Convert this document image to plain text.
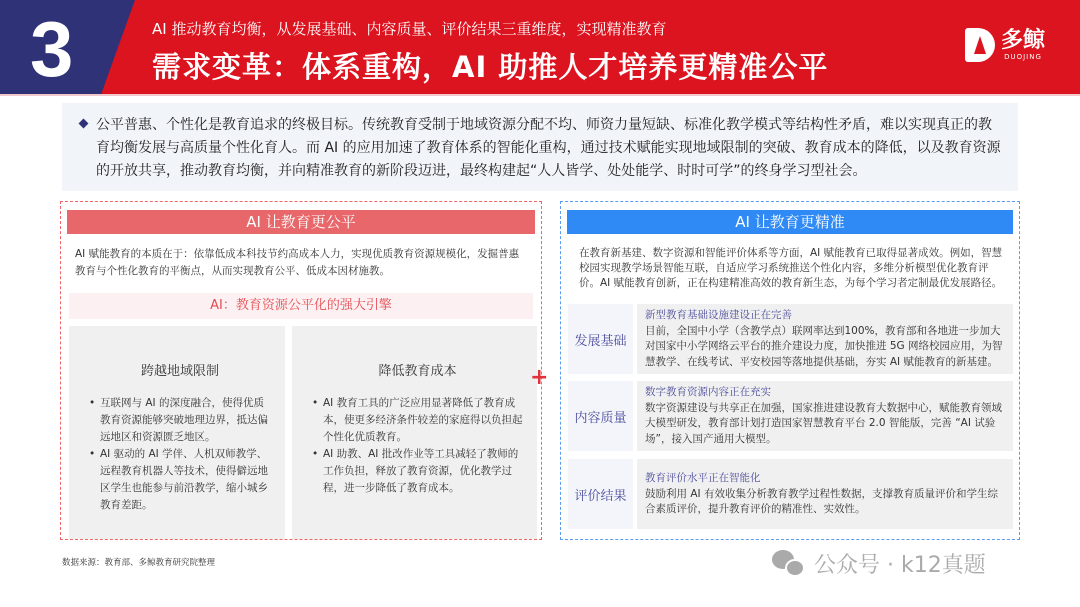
3	AI 推动教育均衡，从发展基础、内容质量、评价结果三重维度，实现精准教育
需求变革：体系重构，AI 助推人才培养更精准公平
多鲸
DUOJING
公平普惠、个性化是教育追求的终极目标。传统教育受制于地域资源分配不均、师资力量短缺、标准化教学模式等结构性矛盾，难以实现真正的教育均衡发展与高质量个性化育人。而 AI 的应用加速了教育体系的智能化重构，通过技术赋能实现地域限制的突破、教育成本的降低，以及教育资源的开放共享，推动教育均衡，并向精准教育的新阶段迈进，最终构建起“人人皆学、处处能学、时时可学”的终身学习型社会。
AI 让教育更公平
AI 赋能教育的本质在于：依靠低成本科技节约高成本人力，实现优质教育资源规模化，发掘普惠教育与个性化教育的平衡点，从而实现教育公平、低成本因材施教。
AI：教育资源公平化的强大引擎
跨越地域限制
• 互联网与 AI 的深度融合，使得优质教育资源能够突破地理边界，抵达偏远地区和资源匮乏地区。
• AI 驱动的 AI 学伴、人机双师教学、远程教育机器人等技术，使得僻远地区学生也能参与前沿教学，缩小城乡教育差距。
降低教育成本
• AI 教育工具的广泛应用显著降低了教育成本，使更多经济条件较差的家庭得以负担起个性化优质教育。
• AI 助教、AI 批改作业等工具减轻了教师的工作负担，释放了教育资源，优化教学过程，进一步降低了教育成本。
+
AI 让教育更精准
在教育新基建、数字资源和智能评价体系等方面，AI 赋能教育已取得显著成效。例如，智慧校园实现教学场景智能互联，自适应学习系统推送个性化内容，多维分析模型优化教育评价。AI 赋能教育创新，正在构建精准高效的教育新生态，为每个学习者定制最优发展路径。
发展基础
新型教育基础设施建设正在完善
目前，全国中小学（含教学点）联网率达到100%，教育部和各地进一步加大对国家中小学网络云平台的推介建设力度，加快推进 5G 网络校园应用，为智慧教学、在线考试、平安校园等落地提供基础，夯实 AI 赋能教育的新基建。
内容质量
数字教育资源内容正在充实
数字资源建设与共享正在加强，国家推进建设教育大数据中心，赋能教育领域大模型研发，教育部计划打造国家智慧教育平台 2.0 智能版，完善 “AI 试验场”，接入国产通用大模型。
评价结果
教育评价水平正在智能化
鼓励利用 AI 有效收集分析教育教学过程性数据，支撑教育质量评价和学生综合素质评价，提升教育评价的精准性、实效性。
数据来源：教育部、多鲸教育研究院整理	公众号 · k12真题
